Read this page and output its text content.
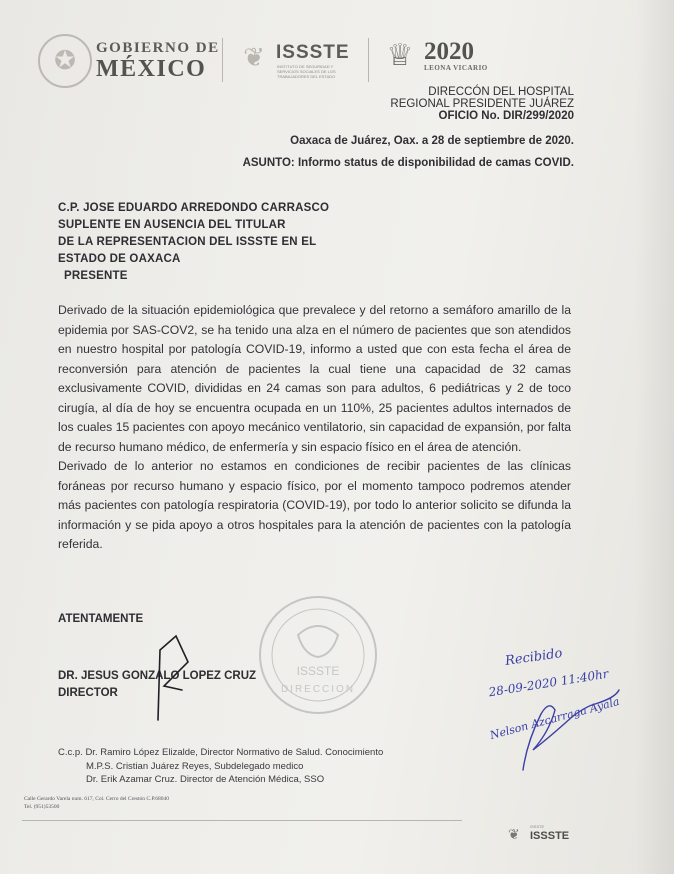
✪	GOBIERNO DE
MÉXICO ❦ ISSSTE
INSTITUTO DE SEGURIDAD Y SERVICIOS SOCIALES DE LOS TRABAJADORES DEL ESTADO
♕ 2020
LEONA VICARIO
DIRECCÓN DEL HOSPITAL
REGIONAL PRESIDENTE JUÁREZ
OFICIO No. DIR/299/2020
Oaxaca de Juárez, Oax. a 28 de septiembre de 2020.
ASUNTO: Informo status de disponibilidad de camas COVID.
C.P. JOSE EDUARDO ARREDONDO CARRASCO
SUPLENTE EN AUSENCIA DEL TITULAR
DE LA REPRESENTACION DEL ISSSTE EN EL
ESTADO DE OAXACA
PRESENTE

Derivado de la situación epidemiológica que prevalece y del retorno a semáforo amarillo de la epidemia por SAS-COV2, se ha tenido una alza en el número de pacientes que son atendidos en nuestro hospital por patología COVID-19, informo a usted que con esta fecha el área de reconversión para atención de pacientes la cual tiene una capacidad de 32 camas exclusivamente COVID, divididas en 24 camas son para adultos, 6 pediátricas y 2 de toco cirugía, al día de hoy se encuentra ocupada en un 110%, 25 pacientes adultos internados de los cuales 15 pacientes con apoyo mecánico ventilatorio, sin capacidad de expansión, por falta de recurso humano médico, de enfermería y sin espacio físico en el área de atención.

Derivado de lo anterior no estamos en condiciones de recibir pacientes de las clínicas foráneas por recurso humano y espacio físico, por el momento tampoco podremos atender más pacientes con patología respiratoria (COVID-19), por todo lo anterior solicito se difunda la información y se pida apoyo a otros hospitales para la atención de pacientes con la patología referida.

ATENTAMENTE
DR. JESUS GONZALO LOPEZ CRUZ
DIRECTOR
C.c.p. Dr. Ramiro López Elizalde, Director Normativo de Salud. Conocimiento
M.P.S. Cristian Juárez Reyes, Subdelegado medico
Dr. Erik Azamar Cruz. Director de Atención Médica, SSO
Calle Gerardo Varela num. 617, Col. Cerro del Crestón C.P.68040
Tel. (951)53500
❦	ISSSTE
ISSSTE
ISSSTE
DIRECCION
Recibido
28-09-2020 11:40hr
Nelson Azcarraga Ayala
